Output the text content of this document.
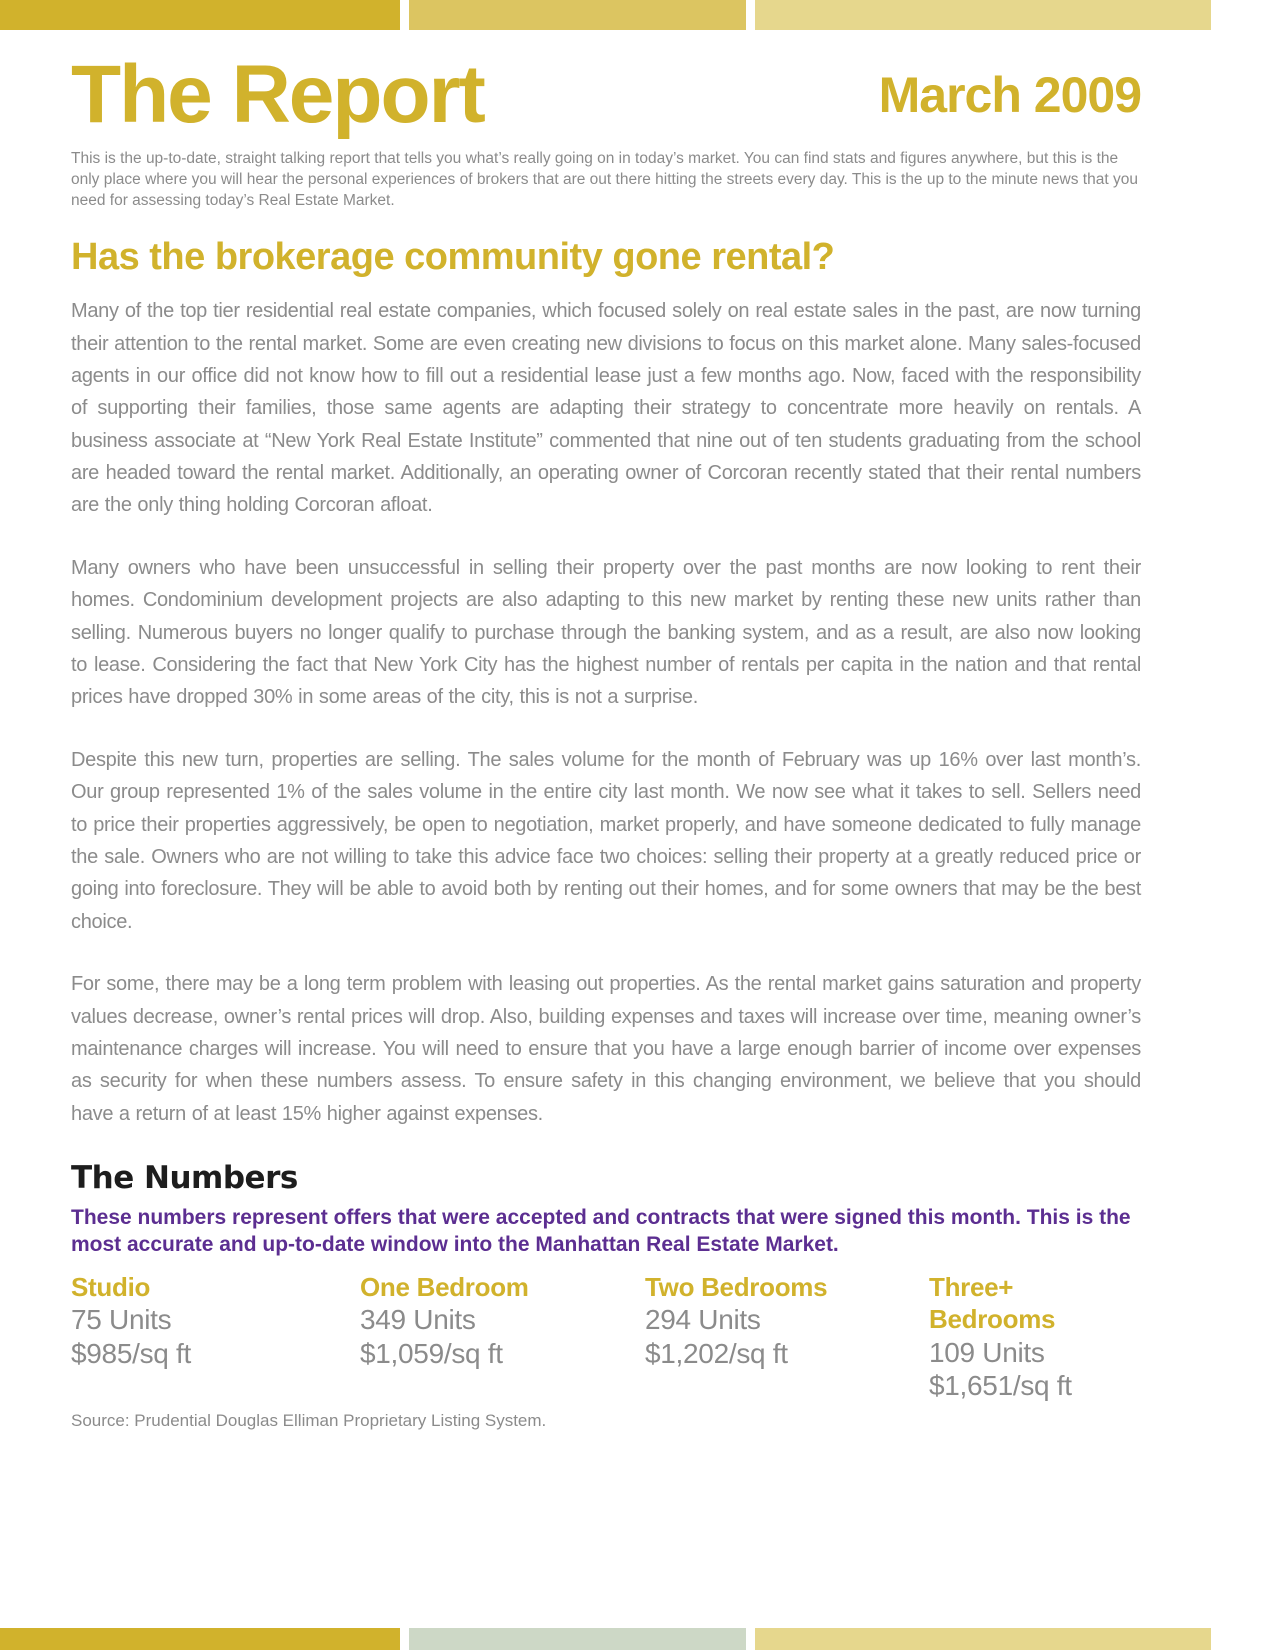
The Report	March 2009

This is the up-to-date, straight talking report that tells you what’s really going on in today’s market. You can find stats and figures anywhere, but this is the only place where you will hear the personal experiences of brokers that are out there hitting the streets every day. This is the up to the minute news that you need for assessing today’s Real Estate Market.

Has the brokerage community gone rental?

Many of the top tier residential real estate companies, which focused solely on real estate sales in the past, are now turning their attention to the rental market. Some are even creating new divisions to focus on this market alone. Many sales-focused agents in our office did not know how to fill out a residential lease just a few months ago. Now, faced with the responsibility of supporting their families, those same agents are adapting their strategy to concentrate more heavily on rentals. A business associate at “New York Real Estate Institute” commented that nine out of ten students graduating from the school are headed toward the rental market. Additionally, an operating owner of Corcoran recently stated that their rental numbers are the only thing holding Corcoran afloat.

Many owners who have been unsuccessful in selling their property over the past months are now looking to rent their homes. Condominium development projects are also adapting to this new market by renting these new units rather than selling. Numerous buyers no longer qualify to purchase through the banking system, and as a result, are also now looking to lease. Considering the fact that New York City has the highest number of rentals per capita in the nation and that rental prices have dropped 30% in some areas of the city, this is not a surprise.

Despite this new turn, properties are selling. The sales volume for the month of February was up 16% over last month’s. Our group represented 1% of the sales volume in the entire city last month. We now see what it takes to sell. Sellers need to price their properties aggressively, be open to negotiation, market properly, and have someone dedicated to fully manage the sale. Owners who are not willing to take this advice face two choices: selling their property at a greatly reduced price or going into foreclosure. They will be able to avoid both by renting out their homes, and for some owners that may be the best choice.

For some, there may be a long term problem with leasing out properties. As the rental market gains saturation and property values decrease, owner’s rental prices will drop. Also, building expenses and taxes will increase over time, meaning owner’s maintenance charges will increase. You will need to ensure that you have a large enough barrier of income over expenses as security for when these numbers assess. To ensure safety in this changing environment, we believe that you should have a return of at least 15% higher against expenses.

The Numbers

These numbers represent offers that were accepted and contracts that were signed this month. This is the most accurate and up-to-date window into the Manhattan Real Estate Market.

Studio
75 Units
$985/sq ft
One Bedroom
349 Units
$1,059/sq ft
Two Bedrooms
294 Units
$1,202/sq ft
Three+ Bedrooms
109 Units
$1,651/sq ft

Source: Prudential Douglas Elliman Proprietary Listing System.
